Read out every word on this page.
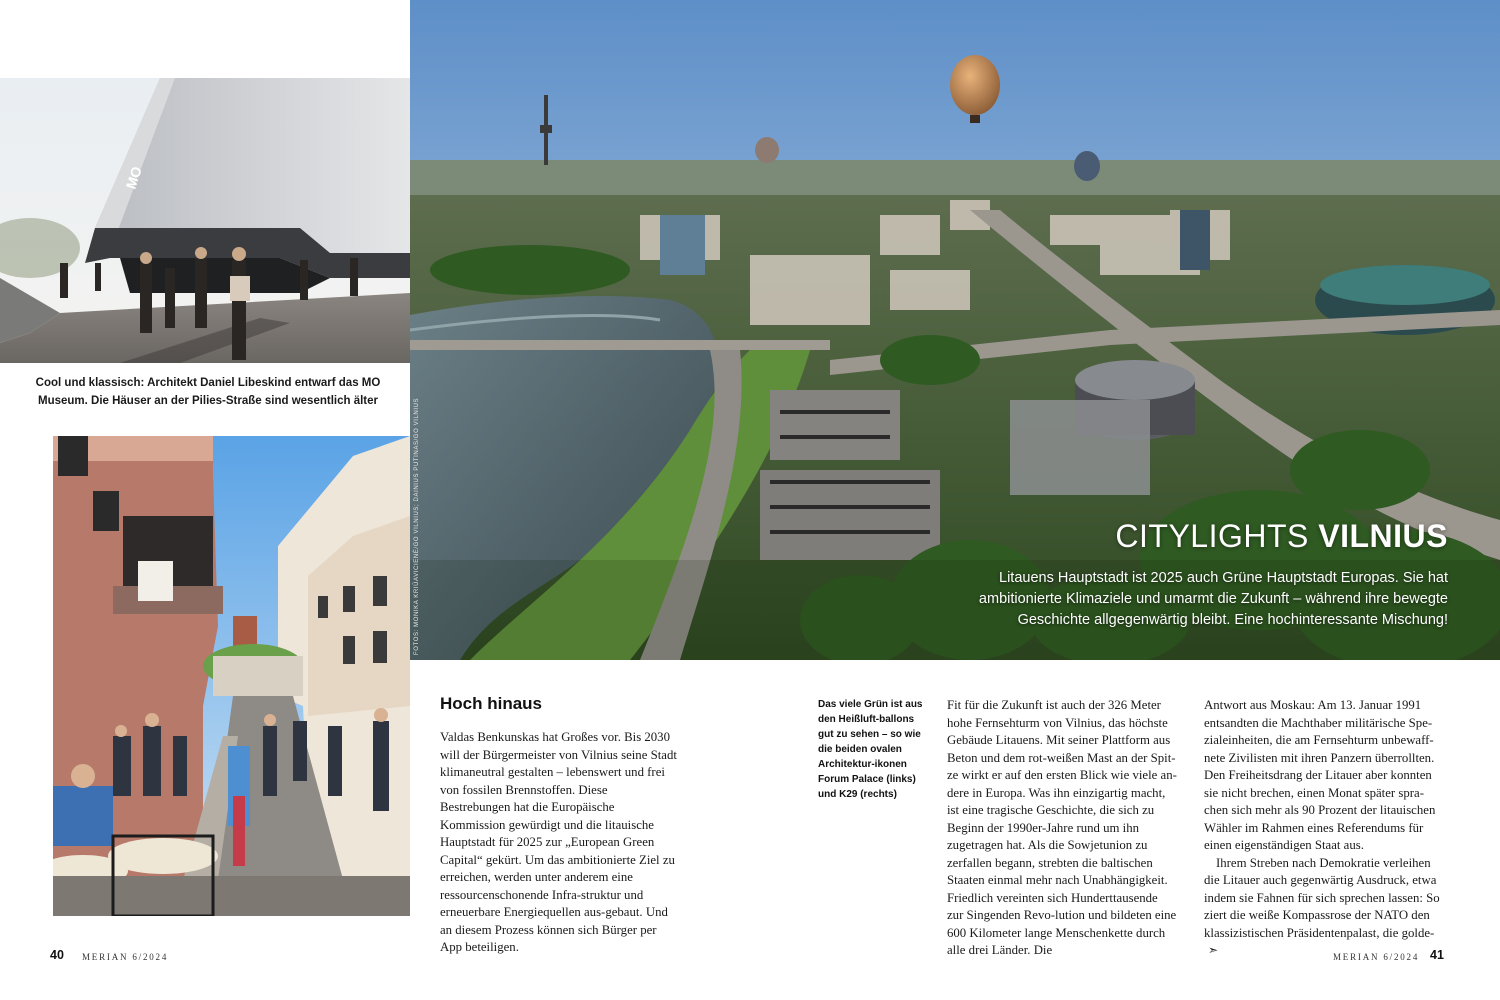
MO
Cool und klassisch: Architekt Daniel Libeskind entwarf das MO Museum. Die Häuser an der Pilies-Straße sind wesentlich älter	FOTOS: MONIKA KRIŪAVICIENĖ/GO VILNIUS; DAINIUS PUTINAS/GO VILNIUS	CITYLIGHTS VILNIUS
Litauens Hauptstadt ist 2025 auch Grüne Hauptstadt Europas. Sie hat ambitionierte Klimaziele und umarmt die Zukunft – während ihre bewegte Geschichte allgegenwärtig bleibt. Eine hochinteressante Mischung!
Hoch hinaus

Valdas Benkunskas hat Großes vor. Bis 2030 will der Bürgermeister von Vilnius seine Stadt klimaneutral gestalten – lebenswert und frei von fossilen Brennstoffen. Diese Bestrebungen hat die Europäische Kommission gewürdigt und die litauische Hauptstadt für 2025 zur „European Green Capital“ gekürt. Um das ambitionierte Ziel zu erreichen, werden unter anderem eine ressourcenschonende Infra-struktur und erneuerbare Energiequellen aus-gebaut. Und an diesem Prozess können sich Bürger per App beteiligen.

Das viele Grün ist aus den Heißluft-ballons gut zu sehen – so wie die beiden ovalen Architektur-ikonen Forum Palace (links) und K29 (rechts)

Fit für die Zukunft ist auch der 326 Meter hohe Fernsehturm von Vilnius, das höchste Gebäude Litauens. Mit seiner Plattform aus Beton und dem rot-weißen Mast an der Spit-ze wirkt er auf den ersten Blick wie viele an-dere in Europa. Was ihn einzigartig macht, ist eine tragische Geschichte, die sich zu Beginn der 1990er-Jahre rund um ihn zugetragen hat. Als die Sowjetunion zu zerfallen begann, strebten die baltischen Staaten einmal mehr nach Unabhängigkeit. Friedlich vereinten sich Hunderttausende zur Singenden Revo-lution und bildeten eine 600 Kilometer lange Menschenkette durch alle drei Länder. Die

Antwort aus Moskau: Am 13. Januar 1991 entsandten die Machthaber militärische Spe-zialeinheiten, die am Fernsehturm unbewaff-nete Zivilisten mit ihren Panzern überrollten. Den Freiheitsdrang der Litauer aber konnten sie nicht brechen, einen Monat später spra-chen sich mehr als 90 Prozent der litauischen Wähler im Rahmen eines Referendums für einen eigenständigen Staat aus.

Ihrem Streben nach Demokratie verleihen die Litauer auch gegenwärtig Ausdruck, etwa indem sie Fahnen für sich sprechen lassen: So ziert die weiße Kompassrose der NATO den klassizistischen Präsidentenpalast, die golde-➣

40 MERIAN 6/2024	MERIAN 6/2024 41
